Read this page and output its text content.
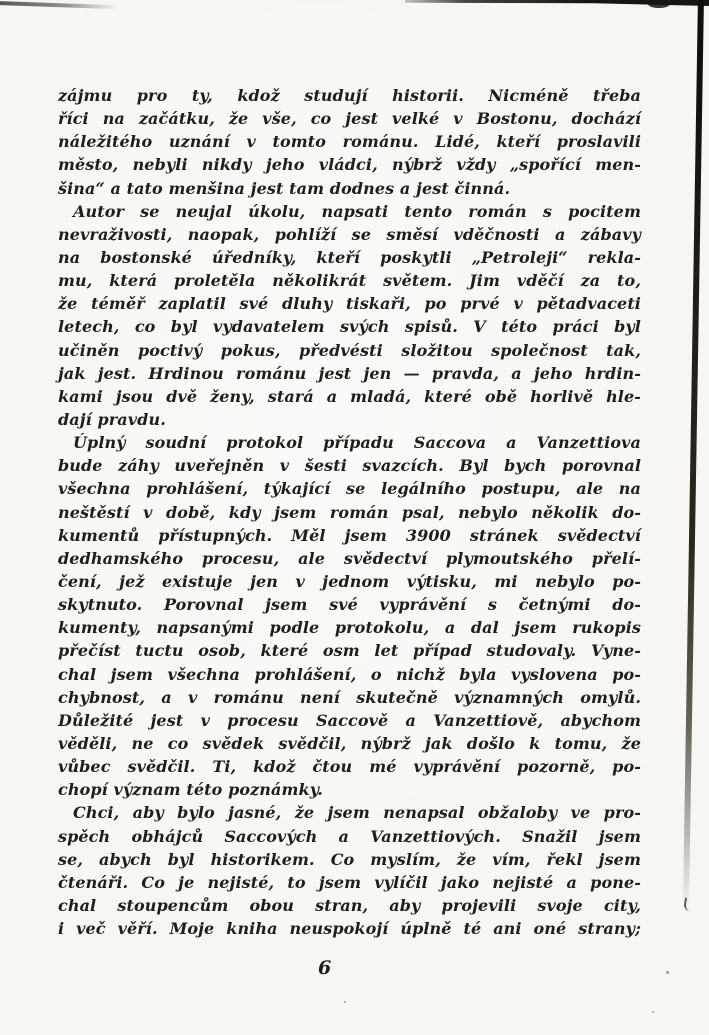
zájmu pro ty, kdož studují historii. Nicméně třeba
říci na začátku, že vše, co jest velké v Bostonu, dochází
náležitého uznání v tomto románu. Lidé, kteří proslavili
město, nebyli nikdy jeho vládci, nýbrž vždy „spořící men-
šina“ a tato menšina jest tam dodnes a jest činná.
Autor se neujal úkolu, napsati tento román s pocitem
nevraživosti, naopak, pohlíží se směsí vděčnosti a zábavy
na bostonské úředníky, kteří poskytli „Petroleji“ rekla-
mu, která proletěla několikrát světem. Jim vděčí za to,
že téměř zaplatil své dluhy tiskaři, po prvé v pětadvaceti
letech, co byl vydavatelem svých spisů. V této práci byl
učiněn poctivý pokus, předvésti složitou společnost tak,
jak jest. Hrdinou románu jest jen — pravda, a jeho hrdin-
kami jsou dvě ženy, stará a mladá, které obě horlivě hle-
dají pravdu.
Úplný soudní protokol případu Saccova a Vanzettiova
bude záhy uveřejněn v šesti svazcích. Byl bych porovnal
všechna prohlášení, týkající se legálního postupu, ale na
neštěstí v době, kdy jsem román psal, nebylo několik do-
kumentů přístupných. Měl jsem 3900 stránek svědectví
dedhamského procesu, ale svědectví plymoutského přelí-
čení, jež existuje jen v jednom výtisku, mi nebylo po-
skytnuto. Porovnal jsem své vyprávění s četnými do-
kumenty, napsanými podle protokolu, a dal jsem rukopis
přečíst tuctu osob, které osm let případ studovaly. Vyne-
chal jsem všechna prohlášení, o nichž byla vyslovena po-
chybnost, a v románu není skutečně významných omylů.
Důležité jest v procesu Saccově a Vanzettiově, abychom
věděli, ne co svědek svědčil, nýbrž jak došlo k tomu, že
vůbec svědčil. Ti, kdož čtou mé vyprávění pozorně, po-
chopí význam této poznámky.
Chci, aby bylo jasné, že jsem nenapsal obžaloby ve pro-
spěch obhájců Saccových a Vanzettiových. Snažil jsem
se, abych byl historikem. Co myslím, že vím, řekl jsem
čtenáři. Co je nejisté, to jsem vylíčil jako nejisté a pone-
chal stoupencům obou stran, aby projevili svoje city,
i več věří. Moje kniha neuspokojí úplně té ani oné strany;
6
